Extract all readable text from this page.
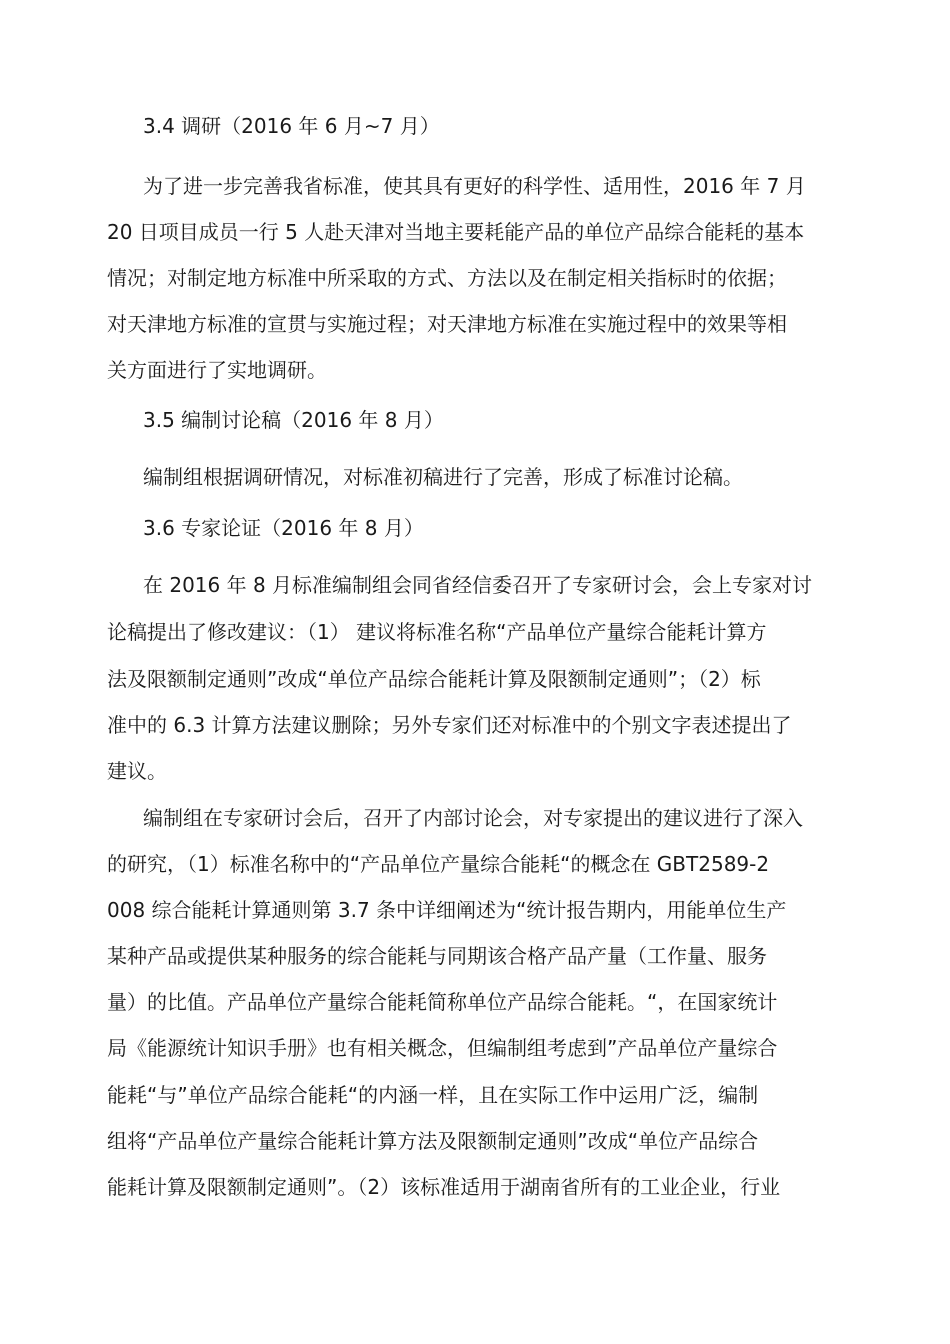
3.4 调研（2016 年 6 月~7 月）
为了进一步完善我省标准，使其具有更好的科学性、适用性，2016 年 7 月
20 日项目成员一行 5 人赴天津对当地主要耗能产品的单位产品综合能耗的基本
情况；对制定地方标准中所采取的方式、方法以及在制定相关指标时的依据；
对天津地方标准的宣贯与实施过程；对天津地方标准在实施过程中的效果等相
关方面进行了实地调研。
3.5 编制讨论稿（2016 年 8 月）
编制组根据调研情况，对标准初稿进行了完善，形成了标准讨论稿。
3.6 专家论证（2016 年 8 月）
在 2016 年 8 月标准编制组会同省经信委召开了专家研讨会，会上专家对讨
论稿提出了修改建议：（1） 建议将标准名称“产品单位产量综合能耗计算方
法及限额制定通则”改成“单位产品综合能耗计算及限额制定通则”；（2）标
准中的 6.3 计算方法建议删除；另外专家们还对标准中的个别文字表述提出了
建议。
编制组在专家研讨会后，召开了内部讨论会，对专家提出的建议进行了深入
的研究，（1）标准名称中的“产品单位产量综合能耗“的概念在 GBT2589-2
008 综合能耗计算通则第 3.7 条中详细阐述为“统计报告期内，用能单位生产
某种产品或提供某种服务的综合能耗与同期该合格产品产量（工作量、服务
量）的比值。产品单位产量综合能耗简称单位产品综合能耗。“，在国家统计
局《能源统计知识手册》也有相关概念，但编制组考虑到”产品单位产量综合
能耗“与”单位产品综合能耗“的内涵一样，且在实际工作中运用广泛，编制
组将“产品单位产量综合能耗计算方法及限额制定通则”改成“单位产品综合
能耗计算及限额制定通则”。（2）该标准适用于湖南省所有的工业企业，行业
